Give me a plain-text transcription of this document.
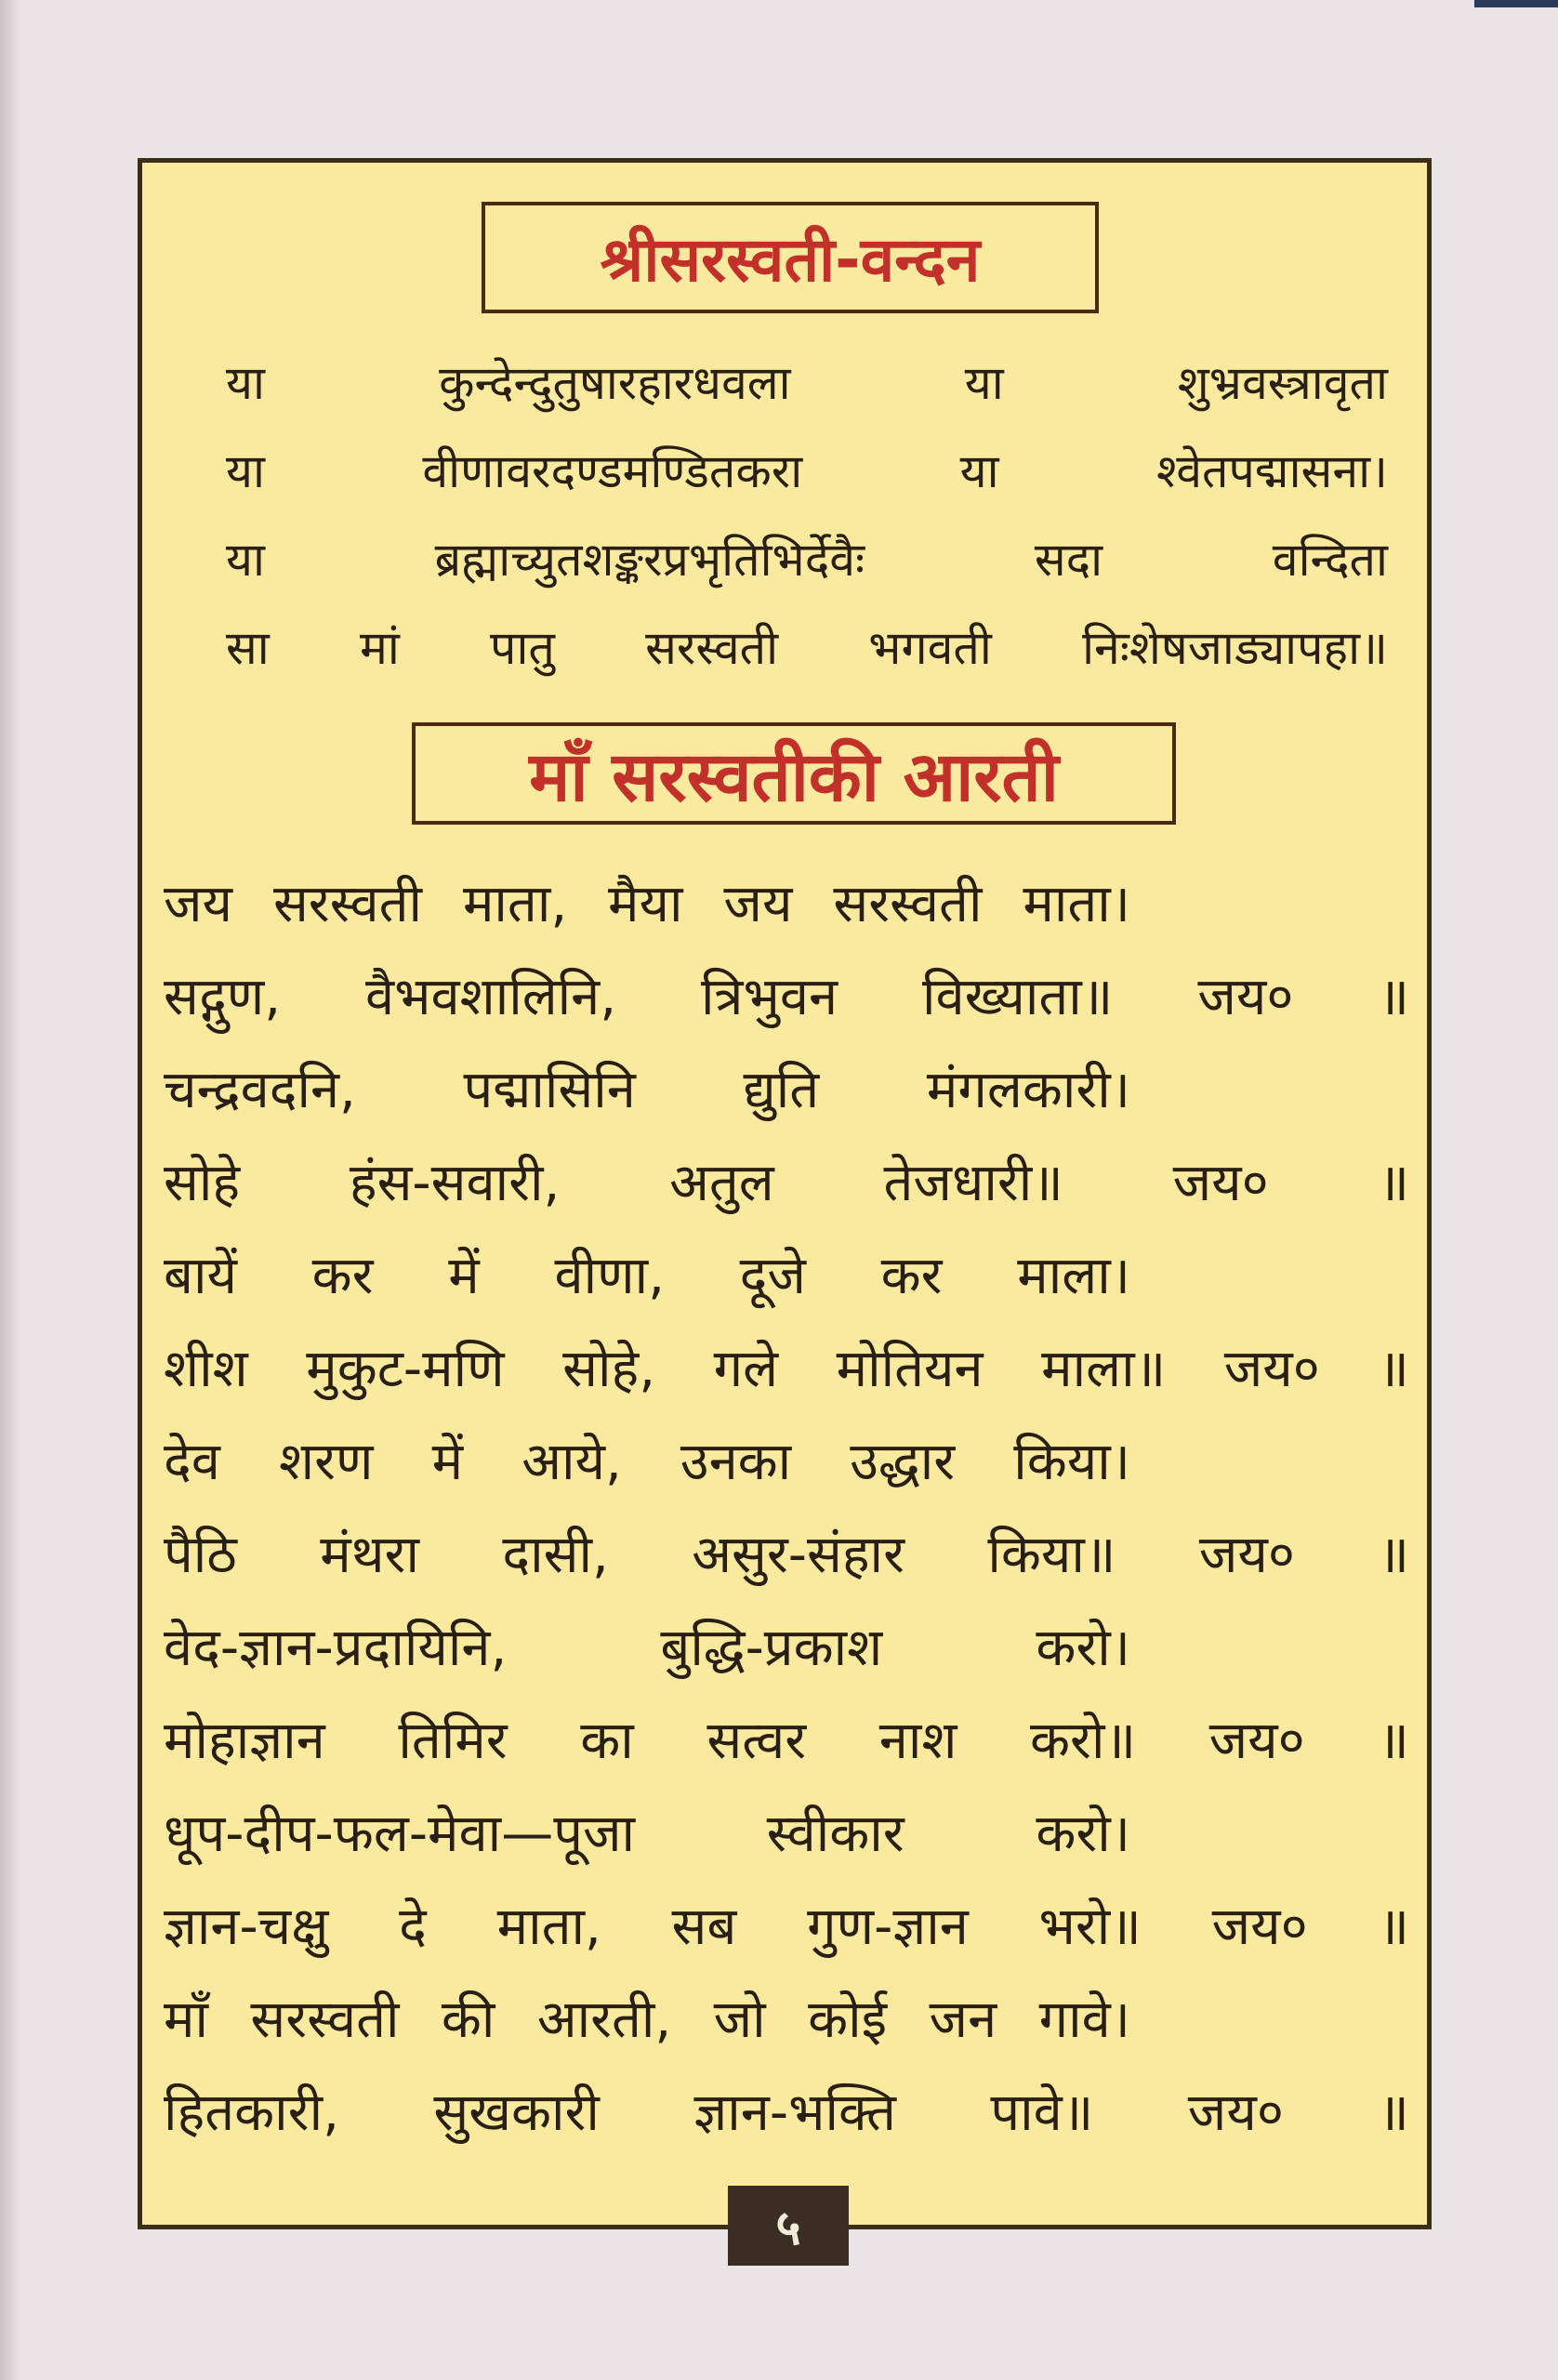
श्रीसरस्वती-वन्दन
या	कुन्देन्दुतुषारहारधवला	या	शुभ्रवस्त्रावृता
या	वीणावरदण्डमण्डितकरा	या	श्वेतपद्मासना।
या	ब्रह्माच्युतशङ्करप्रभृतिभिर्देवैः	सदा	वन्दिता
सा मां पातु सरस्वती भगवती निःशेषजाड्यापहा॥
माँ सरस्वतीकी आरती
जय सरस्वती माता, मैया जय सरस्वती माता।
सद्गुण, वैभवशालिनि, त्रिभुवन विख्याता॥ जय० ॥
चन्द्रवदनि, पद्मासिनि द्युति मंगलकारी।
सोहे हंस-सवारी, अतुल तेजधारी॥ जय० ॥
बायें कर में वीणा, दूजे कर माला।
शीश मुकुट-मणि सोहे, गले मोतियन माला॥ जय० ॥
देव शरण में आये, उनका उद्धार किया।
पैठि मंथरा दासी, असुर-संहार किया॥ जय० ॥
वेद-ज्ञान-प्रदायिनि,	बुद्धि-प्रकाश	करो।
मोहाज्ञान तिमिर का सत्वर नाश करो॥ जय० ॥
धूप-दीप-फल-मेवा—पूजा	स्वीकार	करो।
ज्ञान-चक्षु दे माता, सब गुण-ज्ञान भरो॥ जय० ॥
माँ सरस्वती की आरती, जो कोई जन गावे।
हितकारी, सुखकारी ज्ञान-भक्ति पावे॥ जय० ॥
५
